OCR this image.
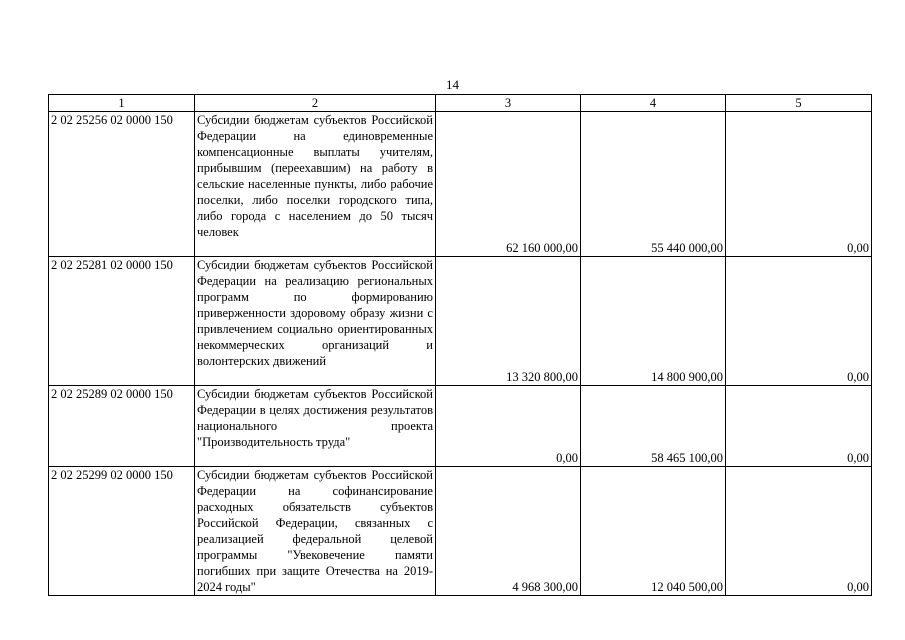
14
1	2	3	4	5
2 02 25256 02 0000 150	Субсидии бюджетам субъектов Российской Федерации на единовременные компенсационные выплаты учителям, прибывшим (переехавшим) на работу в сельские населенные пункты, либо рабочие поселки, либо поселки городского типа, либо города с населением до 50 тысяч человек	62 160 000,00	55 440 000,00	0,00
2 02 25281 02 0000 150	Субсидии бюджетам субъектов Российской Федерации на реализацию региональных программ по формированию приверженности здоровому образу жизни с привлечением социально ориентированных некоммерческих организаций и волонтерских движений	13 320 800,00	14 800 900,00	0,00
2 02 25289 02 0000 150	Субсидии бюджетам субъектов Российской Федерации в целях достижения результатов национального проекта "Производительность труда"	0,00	58 465 100,00	0,00
2 02 25299 02 0000 150	Субсидии бюджетам субъектов Российской Федерации на софинансирование расходных обязательств субъектов Российской Федерации, связанных с реализацией федеральной целевой программы "Увековечение памяти погибших при защите Отечества на 2019-2024 годы"	4 968 300,00	12 040 500,00	0,00
